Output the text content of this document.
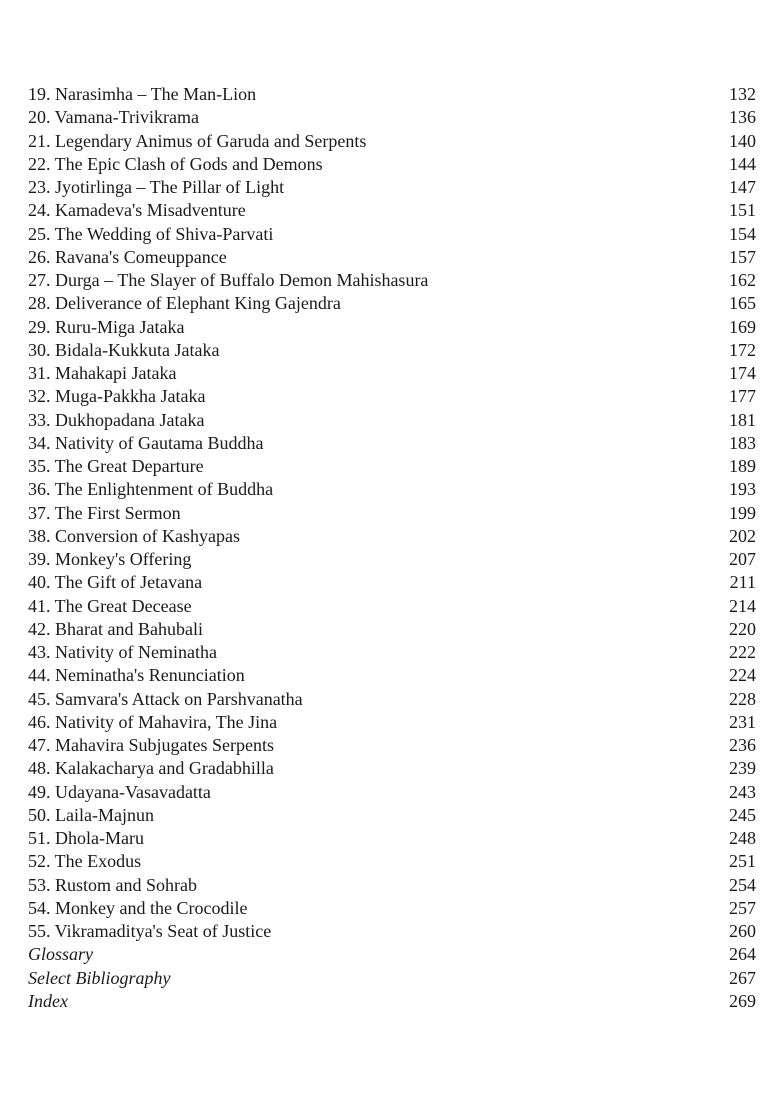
19. Narasimha – The Man-Lion	132
20. Vamana-Trivikrama	136
21. Legendary Animus of Garuda and Serpents	140
22. The Epic Clash of Gods and Demons	144
23. Jyotirlinga – The Pillar of Light	147
24. Kamadeva's Misadventure	151
25. The Wedding of Shiva-Parvati	154
26. Ravana's Comeuppance	157
27. Durga – The Slayer of Buffalo Demon Mahishasura	162
28. Deliverance of Elephant King Gajendra	165
29. Ruru-Miga Jataka	169
30. Bidala-Kukkuta Jataka	172
31. Mahakapi Jataka	174
32. Muga-Pakkha Jataka	177
33. Dukhopadana Jataka	181
34. Nativity of Gautama Buddha	183
35. The Great Departure	189
36. The Enlightenment of Buddha	193
37. The First Sermon	199
38. Conversion of Kashyapas	202
39. Monkey's Offering	207
40. The Gift of Jetavana	211
41. The Great Decease	214
42. Bharat and Bahubali	220
43. Nativity of Neminatha	222
44. Neminatha's Renunciation	224
45. Samvara's Attack on Parshvanatha	228
46. Nativity of Mahavira, The Jina	231
47. Mahavira Subjugates Serpents	236
48. Kalakacharya and Gradabhilla	239
49. Udayana-Vasavadatta	243
50. Laila-Majnun	245
51. Dhola-Maru	248
52. The Exodus	251
53. Rustom and Sohrab	254
54. Monkey and the Crocodile	257
55. Vikramaditya's Seat of Justice	260
Glossary	264
Select Bibliography	267
Index	269
